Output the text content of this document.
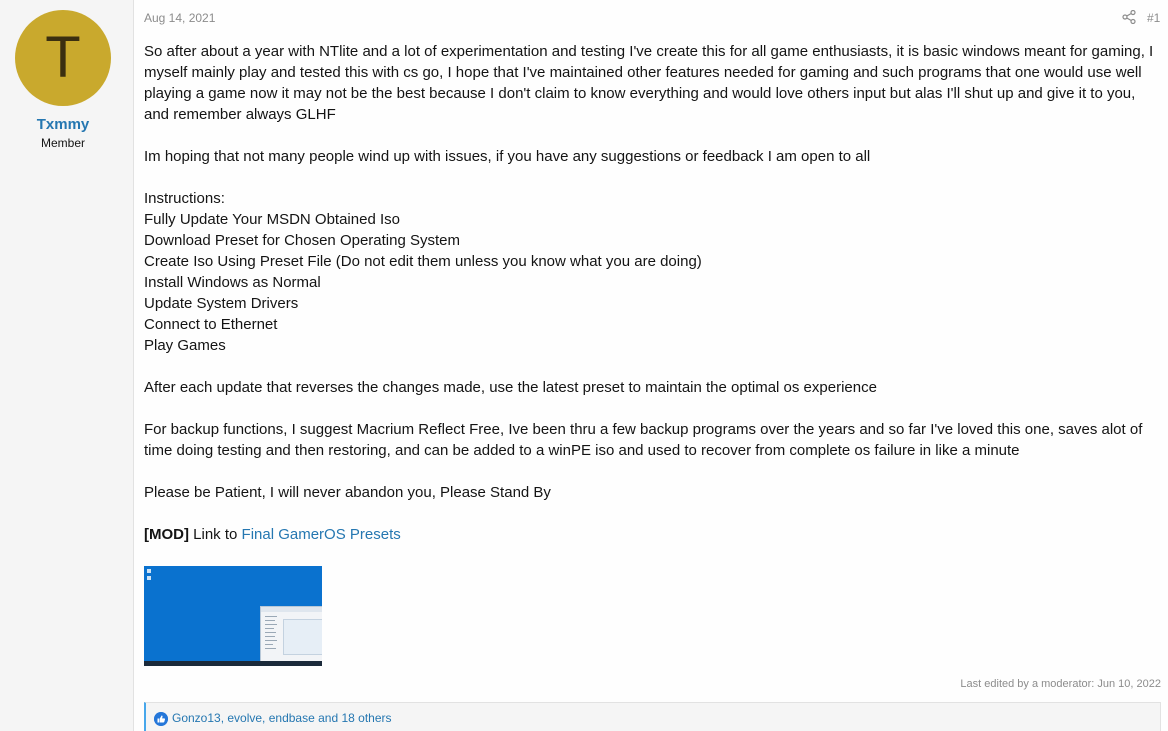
T
Txmmy
Member
Aug 14, 2021	#1

So after about a year with NTlite and a lot of experimentation and testing I've create this for all game enthusiasts, it is basic windows meant for gaming, I myself mainly play and tested this with cs go, I hope that I've maintained other features needed for gaming and such programs that one would use well playing a game now it may not be the best because I don't claim to know everything and would love others input but alas I'll shut up and give it to you, and remember always GLHF

Im hoping that not many people wind up with issues, if you have any suggestions or feedback I am open to all

Instructions:
Fully Update Your MSDN Obtained Iso
Download Preset for Chosen Operating System
Create Iso Using Preset File (Do not edit them unless you know what you are doing)
Install Windows as Normal
Update System Drivers
Connect to Ethernet
Play Games

After each update that reverses the changes made, use the latest preset to maintain the optimal os experience

For backup functions, I suggest Macrium Reflect Free, Ive been thru a few backup programs over the years and so far I've loved this one, saves alot of time doing testing and then restoring, and can be added to a winPE iso and used to recover from complete os failure in like a minute

Please be Patient, I will never abandon you, Please Stand By

[MOD] Link to Final GamerOS Presets

Last edited by a moderator: Jun 10, 2022
Gonzo13, evolve, endbase and 18 others
